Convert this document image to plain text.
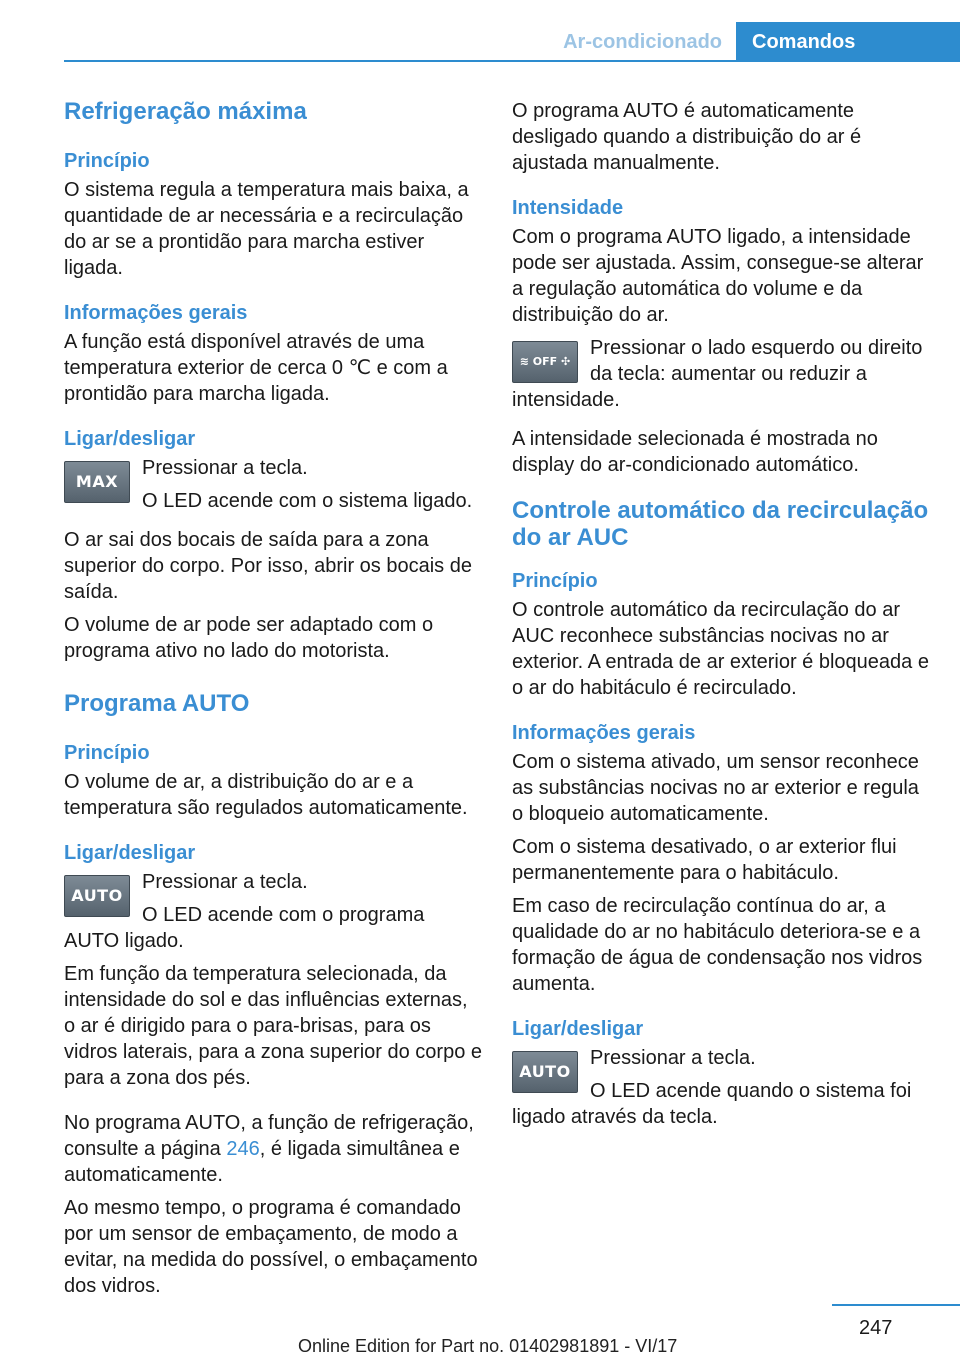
Ar-condicionado	Comandos
Refrigeração máxima
Princípio

O sistema regula a temperatura mais baixa, a quantidade de ar necessária e a recirculação do ar se a prontidão para marcha estiver ligada.

Informações gerais

A função está disponível através de uma temperatura exterior de cerca 0 ℃ e com a prontidão para marcha ligada.

Ligar/desligar
MAX A/C

Pressionar a tecla.

O LED acende com o sistema ligado.

O ar sai dos bocais de saída para a zona superior do corpo. Por isso, abrir os bocais de saída.

O volume de ar pode ser adaptado com o programa ativo no lado do motorista.

Programa AUTO
Princípio

O volume de ar, a distribuição do ar e a temperatura são regulados automaticamente.

Ligar/desligar
AUTO

Pressionar a tecla.

O LED acende com o programa AUTO ligado.

Em função da temperatura selecionada, da intensidade do sol e das influências externas, o ar é dirigido para o para-brisas, para os vidros laterais, para a zona superior do corpo e para a zona dos pés.

No programa AUTO, a função de refrigeração, consulte a página 246, é ligada simultânea e automaticamente.

Ao mesmo tempo, o programa é comandado por um sensor de embaçamento, de modo a evitar, na medida do possível, o embaçamento dos vidros.

O programa AUTO é automaticamente desligado quando a distribuição do ar é ajustada manualmente.

Intensidade

Com o programa AUTO ligado, a intensidade pode ser ajustada. Assim, consegue-se alterar a regulação automática do volume e da distribuição do ar.

≋ OFF ✣

Pressionar o lado esquerdo ou direito da tecla: aumentar ou reduzir a intensidade.

A intensidade selecionada é mostrada no display do ar-condicionado automático.

Controle automático da recirculação do ar AUC
Princípio

O controle automático da recirculação do ar AUC reconhece substâncias nocivas no ar exterior. A entrada de ar exterior é bloqueada e o ar do habitáculo é recirculado.

Informações gerais

Com o sistema ativado, um sensor reconhece as substâncias nocivas no ar exterior e regula o bloqueio automaticamente.

Com o sistema desativado, o ar exterior flui permanentemente para o habitáculo.

Em caso de recirculação contínua do ar, a qualidade do ar no habitáculo deteriora-se e a formação de água de condensação nos vidros aumenta.

Ligar/desligar
AUTO

Pressionar a tecla.

O LED acende quando o sistema foi ligado através da tecla.

247
Online Edition for Part no. 01402981891 - VI/17
